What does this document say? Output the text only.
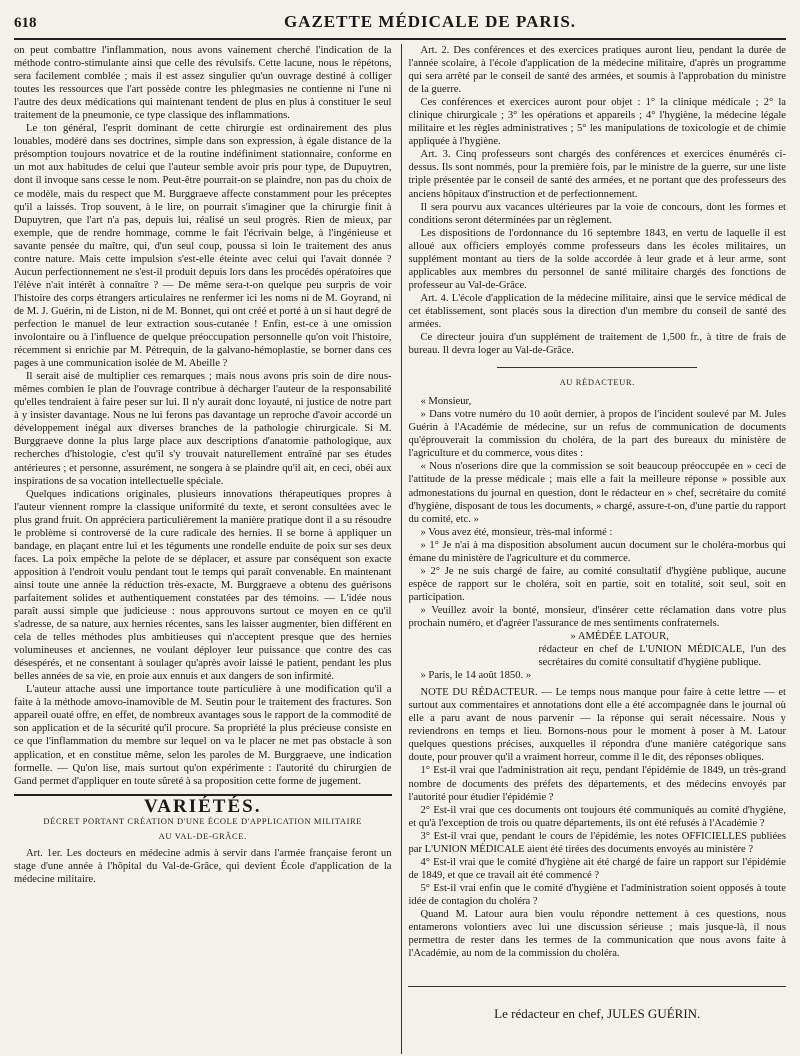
618	GAZETTE MÉDICALE DE PARIS.

on peut combattre l'inflammation, nous avons vainement cherché l'indication de la méthode contro-stimulante ainsi que celle des révulsifs. Cette lacune, nous le répétons, sera facilement comblée ; mais il est assez singulier qu'un ouvrage destiné à colliger toutes les ressources que l'art possède contre les phlegmasies ne contienne ni l'une ni l'autre des deux médications qui maintenant tendent de plus en plus à constituer le seul traitement de la pneumonie, ce type classique des inflammations.

Le ton général, l'esprit dominant de cette chirurgie est ordinairement des plus louables, modéré dans ses doctrines, simple dans son expression, à égale distance de la présomption toujours novatrice et de la routine indéfiniment stationnaire, conforme en un mot aux habitudes de celui que l'auteur semble avoir pris pour type, de Dupuytren, dont il invoque sans cesse le nom. Peut-être pourrait-on se plaindre, non pas du choix de ce modèle, mais du respect que M. Burggraeve affecte constamment pour les préceptes qu'il a laissés. Trop souvent, à le lire, on pourrait s'imaginer que la chirurgie finit à Dupuytren, que l'art n'a pas, depuis lui, réalisé un seul progrès. Rien de mieux, par exemple, que de rendre hommage, comme le fait l'écrivain belge, à l'ingénieuse et savante pensée du maître, qui, d'un seul coup, poussa si loin le traitement des anus contre nature. Mais cette impulsion s'est-elle éteinte avec celui qui l'avait donnée ? Aucun perfectionnement ne s'est-il produit depuis lors dans les procédés opératoires que l'élève n'ait intérêt à connaître ? — De même sera-t-on quelque peu surpris de voir l'histoire des corps étrangers articulaires ne renfermer ici les noms ni de M. Goyrand, ni de M. J. Guérin, ni de Liston, ni de M. Bonnet, qui ont créé et porté à un si haut degré de perfection le manuel de leur extraction sous-cutanée ! Enfin, est-ce à une omission involontaire ou à l'influence de quelque préoccupation personnelle qu'on voit l'histoire, récemment si enrichie par M. Pétrequin, de la galvano-hémoplastie, se borner dans ces pages à une communication isolée de M. Abeille ?

Il serait aisé de multiplier ces remarques ; mais nous avons pris soin de dire nous-mêmes combien le plan de l'ouvrage contribue à décharger l'auteur de la responsabilité qu'elles tendraient à faire peser sur lui. Il n'y aurait donc loyauté, ni justice de notre part à y insister davantage. Nous ne lui ferons pas davantage un reproche d'avoir accordé un développement inégal aux diverses branches de la pathologie chirurgicale. Si M. Burggraeve donne la plus large place aux descriptions d'anatomie pathologique, aux recherches d'histologie, c'est qu'il s'y trouvait naturellement entraîné par ses études antérieures ; et personne, assurément, ne songera à se plaindre qu'il ait, en ceci, obéi aux inspirations de sa vocation intellectuelle spéciale.

Quelques indications originales, plusieurs innovations thérapeutiques propres à l'auteur viennent rompre la classique uniformité du texte, et seront consultées avec le plus grand fruit. On appréciera particulièrement la manière pratique dont il a su résoudre le problème si controversé de la cure radicale des hernies. Il se borne à appliquer un bandage, en plaçant entre lui et les téguments une rondelle enduite de poix sur ses deux faces. La poix empêche la pelote de se déplacer, et assure par conséquent son exacte apposition à l'endroit voulu pendant tout le temps qui paraît convenable. En maintenant ainsi toute une année la réduction très-exacte, M. Burggraeve a obtenu des guérisons parfaitement solides et authentiquement constatées par des témoins. — L'idée nous paraît aussi simple que judicieuse : nous approuvons surtout ce moyen en ce qu'il s'adresse, de sa nature, aux hernies récentes, sans les laisser augmenter, bien différent en cela de telles méthodes plus ambitieuses qui n'acceptent presque que des hernies volumineuses et anciennes, ne voulant déployer leur puissance que contre des cas désespérés, et ne consentant à soulager qu'après avoir laissé le patient, pendant les plus belles années de sa vie, en proie aux ennuis et aux dangers de son infirmité.

L'auteur attache aussi une importance toute particulière à une modification qu'il a faite à la méthode amovo-inamovible de M. Seutin pour le traitement des fractures. Son appareil ouaté offre, en effet, de nombreux avantages sous le rapport de la commodité de son application et de la sécurité qu'il procure. Sa propriété la plus précieuse consiste en ce que l'inflammation du membre sur lequel on va le placer ne met pas obstacle à son application, et en constitue même, selon les paroles de M. Burggraeve, une indication formelle. — Qu'on lise, mais surtout qu'on expérimente : l'autorité du chirurgien de Gand permet d'appliquer en toute sûreté à sa proposition cette forme de jugement.

VARIÉTÉS.
DÉCRET PORTANT CRÉATION D'UNE ÉCOLE D'APPLICATION MILITAIRE
AU VAL-DE-GRÂCE.

Art. 1er. Les docteurs en médecine admis à servir dans l'armée française feront un stage d'une année à l'hôpital du Val-de-Grâce, qui devient École d'application de la médecine militaire.

Art. 2. Des conférences et des exercices pratiques auront lieu, pendant la durée de l'année scolaire, à l'école d'application de la médecine militaire, d'après un programme qui sera arrêté par le conseil de santé des armées, et soumis à l'approbation du ministre de la guerre.

Ces conférences et exercices auront pour objet : 1° la clinique médicale ; 2° la clinique chirurgicale ; 3° les opérations et appareils ; 4° l'hygiène, la médecine légale militaire et les règles administratives ; 5° les manipulations de toxicologie et de chimie appliquée à l'hygiène.

Art. 3. Cinq professeurs sont chargés des conférences et exercices énumérés ci-dessus. Ils sont nommés, pour la première fois, par le ministre de la guerre, sur une liste triple présentée par le conseil de santé des armées, et ne portant que des professeurs des anciens hôpitaux d'instruction et de perfectionnement.

Il sera pourvu aux vacances ultérieures par la voie de concours, dont les formes et conditions seront déterminées par un règlement.

Les dispositions de l'ordonnance du 16 septembre 1843, en vertu de laquelle il est alloué aux officiers employés comme professeurs dans les écoles militaires, un supplément montant au tiers de la solde accordée à leur grade et à leur arme, sont applicables aux membres du personnel de santé militaire chargés des fonctions de professeur au Val-de-Grâce.

Art. 4. L'école d'application de la médecine militaire, ainsi que le service médical de cet établissement, sont placés sous la direction d'un membre du conseil de santé des armées.

Ce directeur jouira d'un supplément de traitement de 1,500 fr., à titre de frais de bureau. Il devra loger au Val-de-Grâce.

AU RÉDACTEUR.

« Monsieur,

» Dans votre numéro du 10 août dernier, à propos de l'incident soulevé par M. Jules Guérin à l'Académie de médecine, sur un refus de communication de documents qu'éprouverait la commission du choléra, de la part des bureaux du ministère de l'agriculture et du commerce, vous dites :

« Nous n'oserions dire que la commission se soit beaucoup préoccupée en » ceci de l'attitude de la presse médicale ; mais elle a fait la meilleure réponse » possible aux admonestations du journal en question, dont le rédacteur en » chef, secrétaire du comité d'hygiène, disposant de tous les documents, » chargé, assure-t-on, d'une partie du rapport du comité, etc. »

» Vous avez été, monsieur, très-mal informé :

» 1° Je n'ai à ma disposition absolument aucun document sur le choléra-morbus qui émane du ministère de l'agriculture et du commerce.

» 2° Je ne suis chargé de faire, au comité consultatif d'hygiène publique, aucune espèce de rapport sur le choléra, soit en partie, soit en totalité, soit seul, soit en participation.

» Veuillez avoir la bonté, monsieur, d'insérer cette réclamation dans votre plus prochain numéro, et d'agréer l'assurance de mes sentiments confraternels.

» AMÉDÉE LATOUR,

rédacteur en chef de L'UNION MÉDICALE, l'un des secrétaires du comité consultatif d'hygiène publique.

» Paris, le 14 août 1850. »

NOTE DU RÉDACTEUR. — Le temps nous manque pour faire à cette lettre — et surtout aux commentaires et annotations dont elle a été accompagnée dans le journal où elle a paru avant de nous parvenir — la réponse qui serait nécessaire. Nous y reviendrons en temps et lieu. Bornons-nous pour le moment à poser à M. Latour quelques questions précises, auxquelles il répondra d'une manière catégorique sans doute, pour prouver qu'il a vraiment horreur, comme il le dit, des réponses obliques.

1° Est-il vrai que l'administration ait reçu, pendant l'épidémie de 1849, un très-grand nombre de documents des préfets des départements, et des médecins envoyés par l'autorité pour étudier l'épidémie ?

2° Est-il vrai que ces documents ont toujours été communiqués au comité d'hygiène, et qu'à l'exception de trois ou quatre départements, ils ont été refusés à l'Académie ?

3° Est-il vrai que, pendant le cours de l'épidémie, les notes OFFICIELLES publiées par L'UNION MÉDICALE aient été tirées des documents envoyés au ministère ?

4° Est-il vrai que le comité d'hygiène ait été chargé de faire un rapport sur l'épidémie de 1849, et que ce travail ait été commencé ?

5° Est-il vrai enfin que le comité d'hygiène et l'administration soient opposés à toute idée de contagion du choléra ?

Quand M. Latour aura bien voulu répondre nettement à ces questions, nous entamerons volontiers avec lui une discussion sérieuse ; mais jusque-là, il nous permettra de rester dans les termes de la communication que nous avons faite à l'Académie, au nom de la commission du choléra.

Le rédacteur en chef, JULES GUÉRIN.
